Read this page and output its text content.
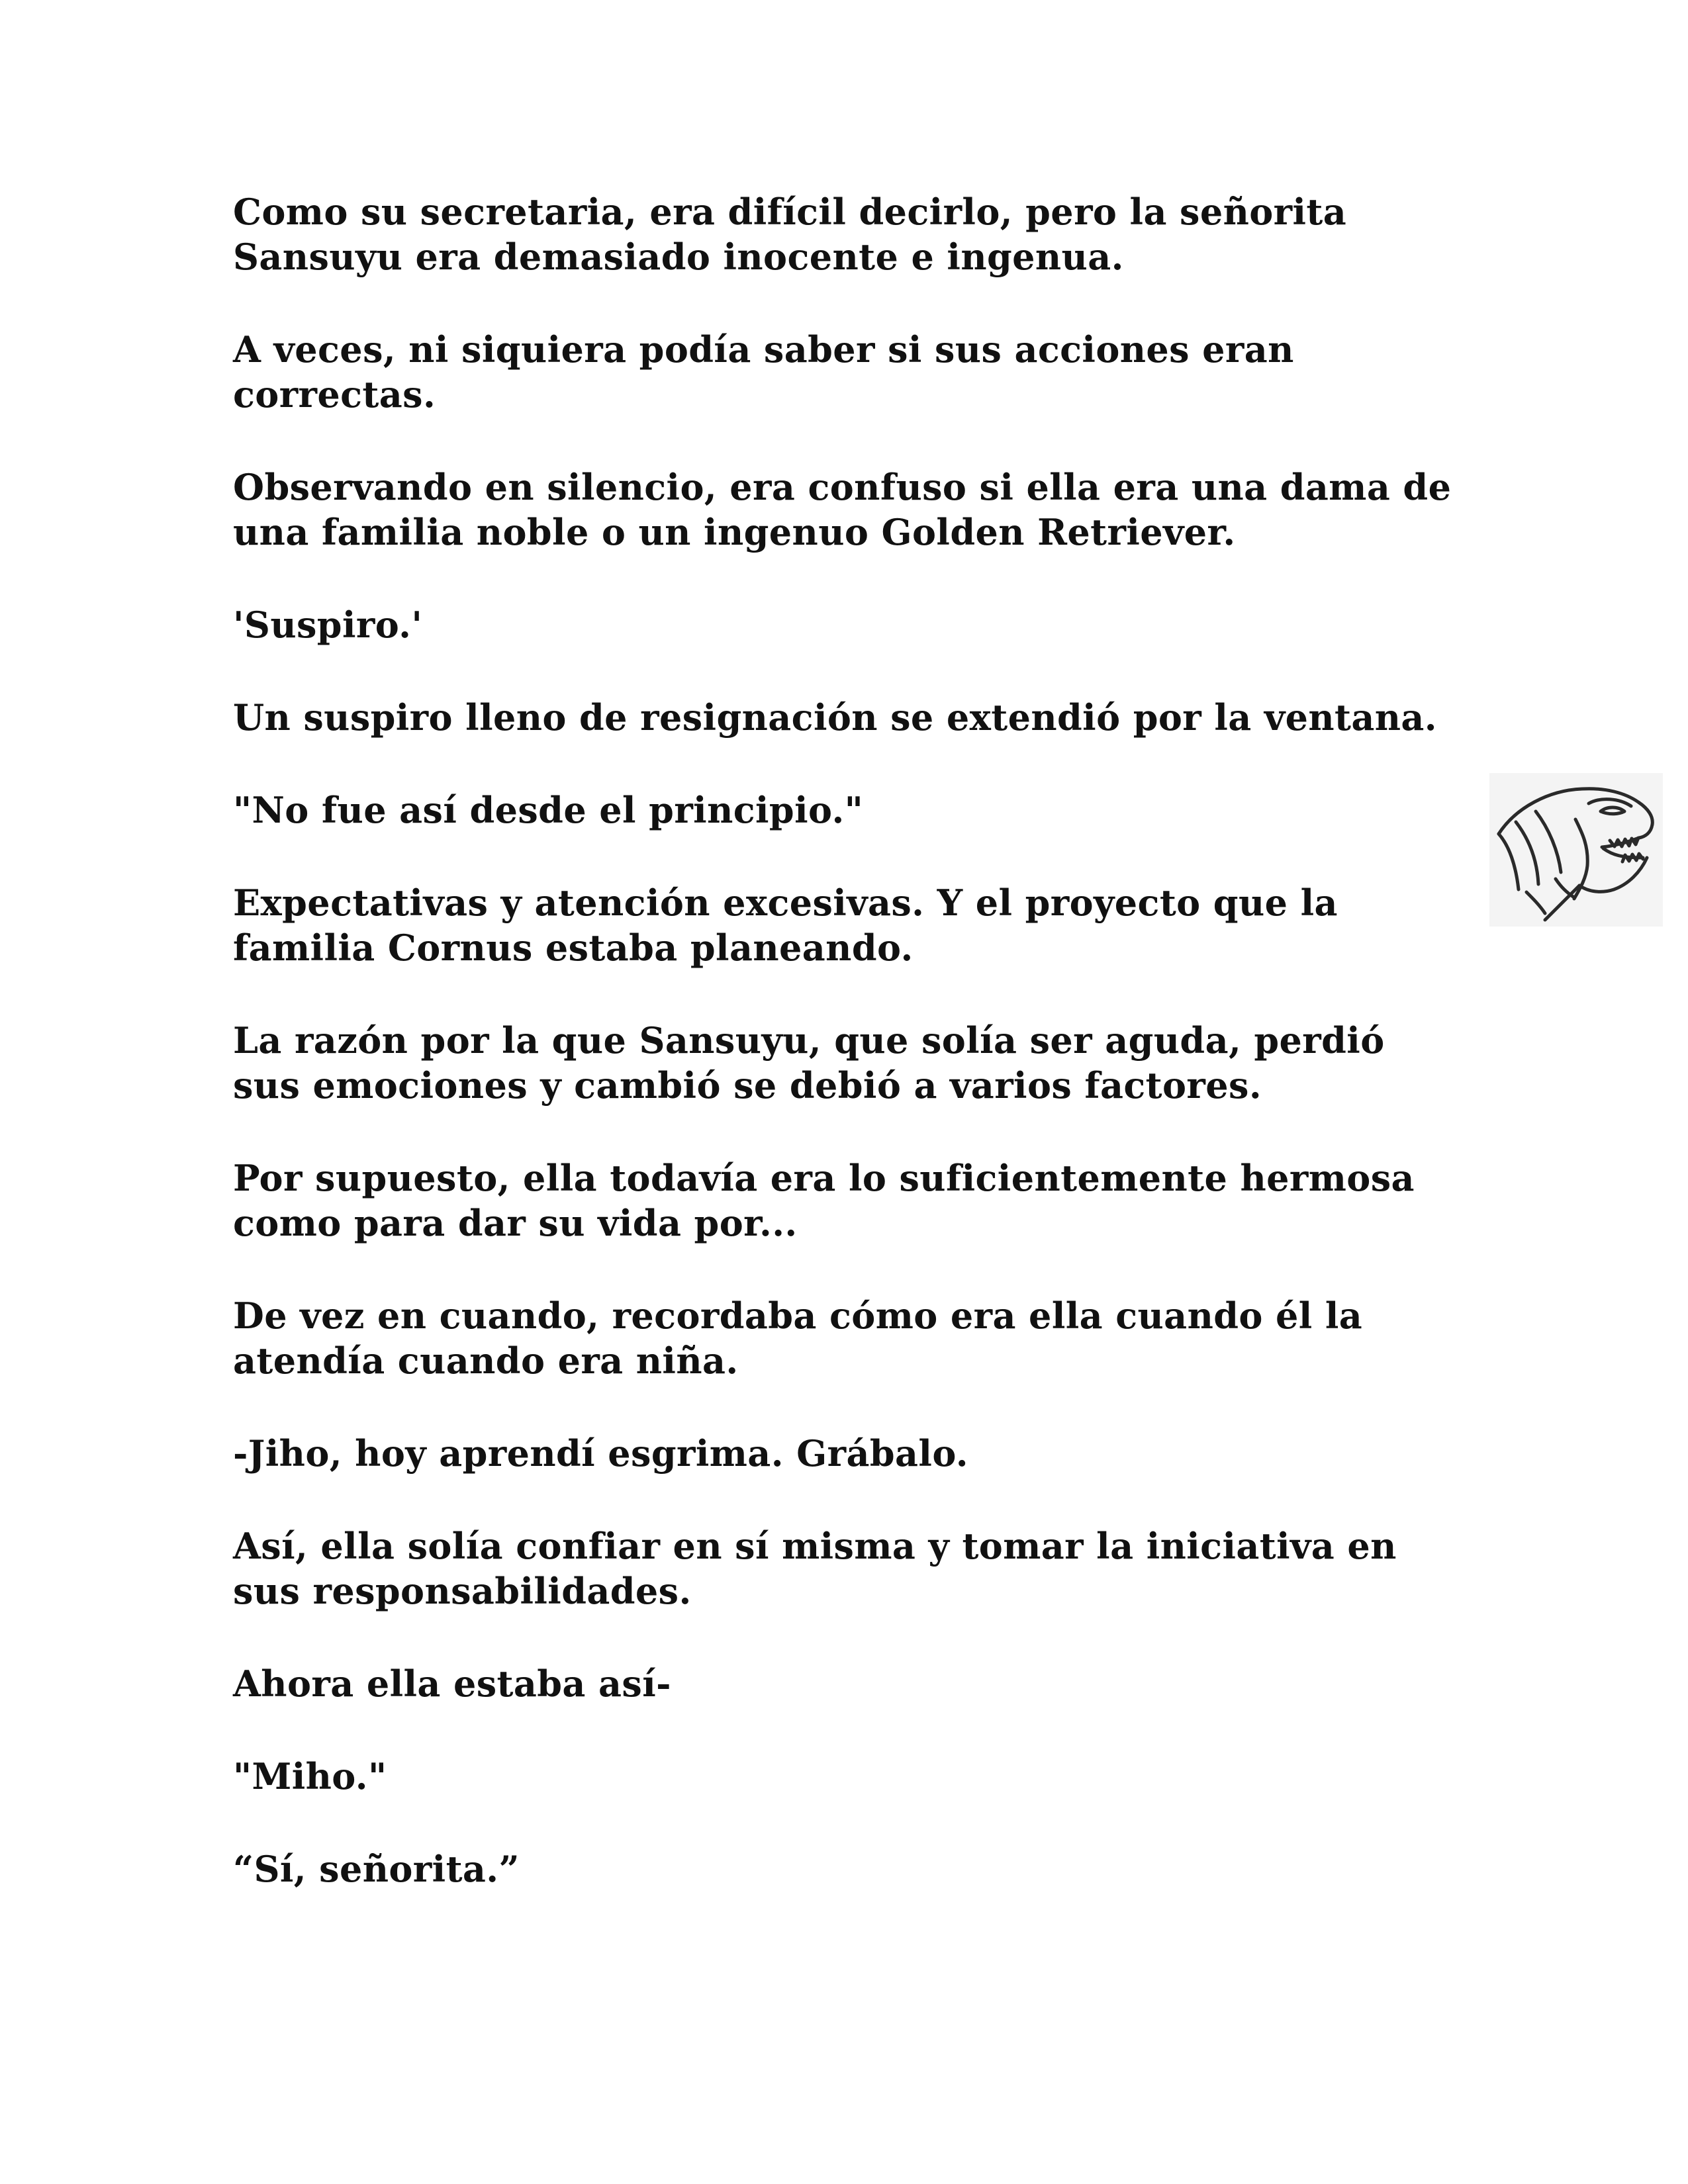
Como su secretaria, era difícil decirlo, pero la señorita Sansuyu era demasiado inocente e ingenua.

A veces, ni siquiera podía saber si sus acciones eran correctas.

Observando en silencio, era confuso si ella era una dama de una familia noble o un ingenuo Golden Retriever.

'Suspiro.'

Un suspiro lleno de resignación se extendió por la ventana.

"No fue así desde el principio."

Expectativas y atención excesivas. Y el proyecto que la familia Cornus estaba planeando.

La razón por la que Sansuyu, que solía ser aguda, perdió sus emociones y cambió se debió a varios factores.

Por supuesto, ella todavía era lo suficientemente hermosa como para dar su vida por...

De vez en cuando, recordaba cómo era ella cuando él la atendía cuando era niña.

-Jiho, hoy aprendí esgrima. Grábalo.

Así, ella solía confiar en sí misma y tomar la iniciativa en sus responsabilidades.

Ahora ella estaba así-

"Miho."

“Sí, señorita.”
